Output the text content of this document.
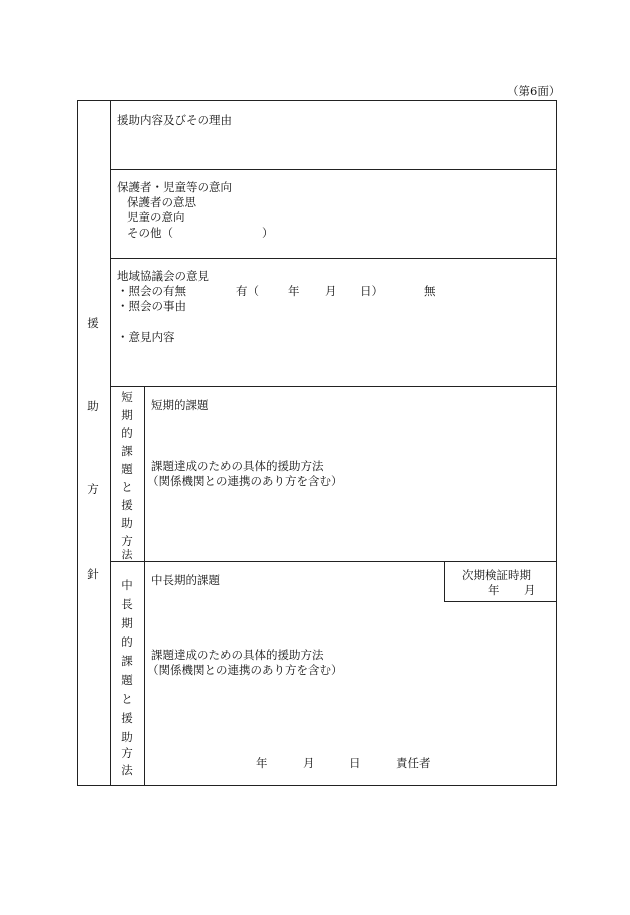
（第6面）
援
助
方
針
援助内容及びその理由
保護者・児童等の意向
保護者の意思
児童の意向
その他（	）
地域協議会の意見
・照会の有無	有（	年 月 日）	無
・照会の事由
・意見内容
短
期
的
課
題
と
援
助
方
法
短期的課題
課題達成のための具体的援助方法
（関係機関との連携のあり方を含む）
中
長
期
的
課
題
と
援
助
方
法
中長期的課題	次期検証時期
年 月
課題達成のための具体的援助方法
（関係機関との連携のあり方を含む）
年	月	日	責任者
